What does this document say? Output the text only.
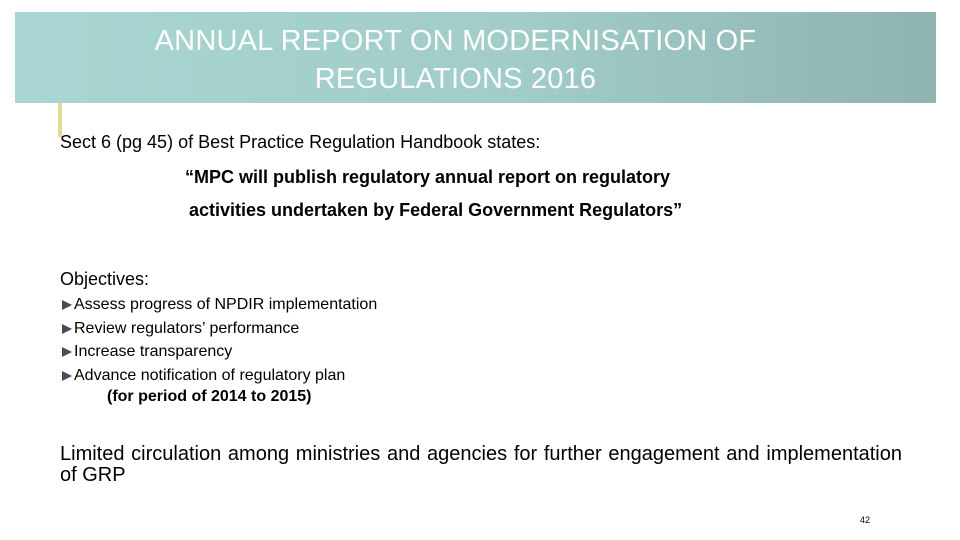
ANNUAL REPORT ON MODERNISATION OF
REGULATIONS 2016
Sect 6 (pg 45) of Best Practice Regulation Handbook states:
“MPC will publish regulatory annual report on regulatory
activities undertaken by Federal Government Regulators”
Objectives:
Assess progress of NPDIR implementation
Review regulators’ performance
Increase transparency
Advance notification of regulatory plan
(for period of 2014 to 2015)
Limited circulation among ministries and agencies for further engagement and implementation of GRP
42
